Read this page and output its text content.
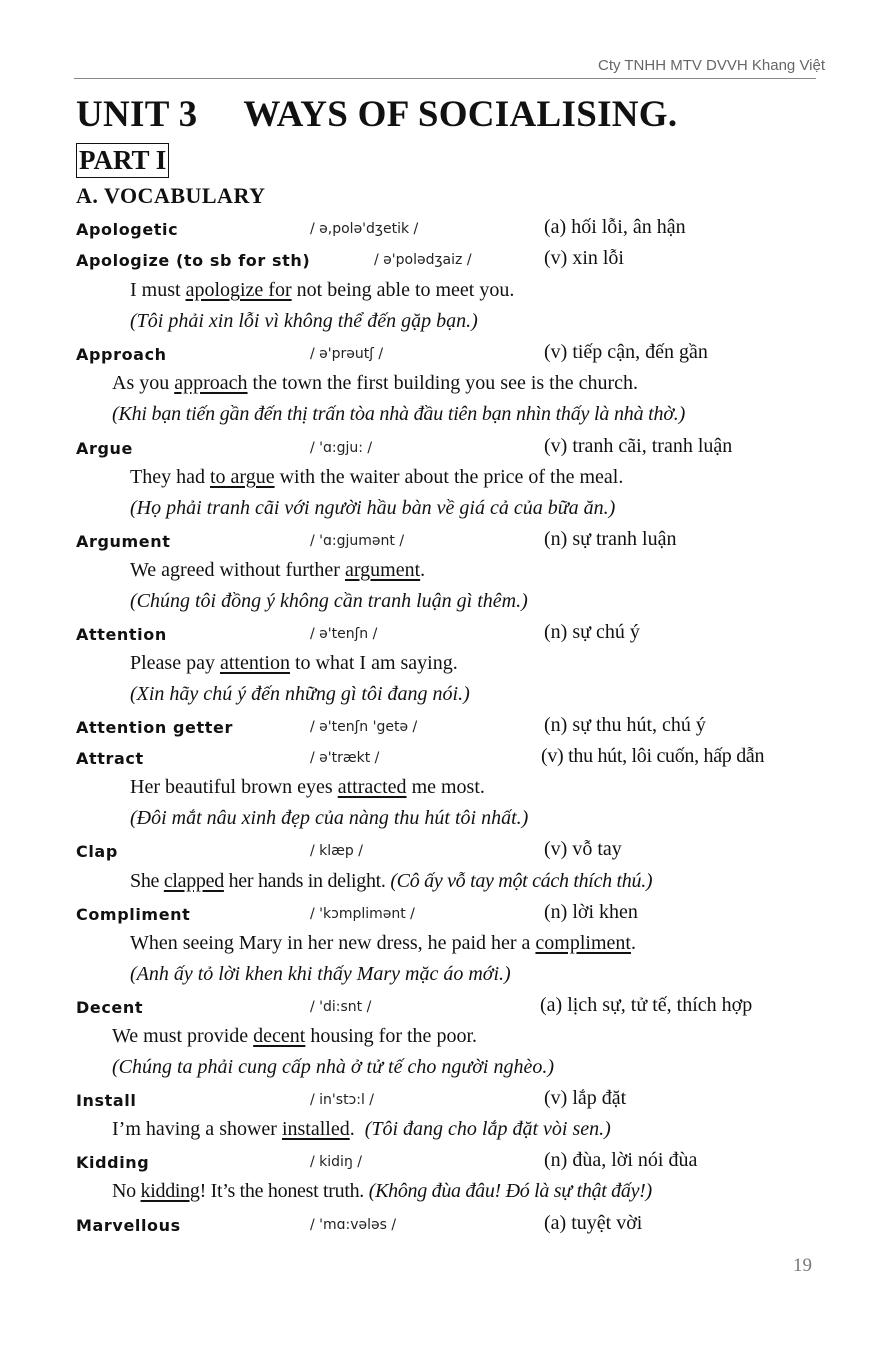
Cty TNHH MTV DVVH Khang Việt
UNIT 3 WAYS OF SOCIALISING.
PART I
A. VOCABULARY
Apologetic	/ ə,polə'dʒetik /	(a) hối lỗi, ân hận
Apologize (to sb for sth)	/ ə'polədʒaiz /	(v) xin lỗi
I must apologize for not being able to meet you.
(Tôi phải xin lỗi vì không thể đến gặp bạn.)
Approach	/ ə'prəutʃ /	(v) tiếp cận, đến gần
As you approach the town the first building you see is the church.
(Khi bạn tiến gần đến thị trấn tòa nhà đầu tiên bạn nhìn thấy là nhà thờ.)
Argue	/ 'ɑ:gju: /	(v) tranh cãi, tranh luận
They had to argue with the waiter about the price of the meal.
(Họ phải tranh cãi với người hầu bàn về giá cả của bữa ăn.)
Argument	/ 'ɑ:gjumənt /	(n) sự tranh luận
We agreed without further argument.
(Chúng tôi đồng ý không cần tranh luận gì thêm.)
Attention	/ ə'tenʃn /	(n) sự chú ý
Please pay attention to what I am saying.
(Xin hãy chú ý đến những gì tôi đang nói.)
Attention getter	/ ə'tenʃn 'getə /	(n) sự thu hút, chú ý
Attract	/ ə'trækt /	(v) thu hút, lôi cuốn, hấp dẫn
Her beautiful brown eyes attracted me most.
(Đôi mắt nâu xinh đẹp của nàng thu hút tôi nhất.)
Clap	/ klæp /	(v) vỗ tay
She clapped her hands in delight. (Cô ấy vỗ tay một cách thích thú.)
Compliment	/ 'kɔmplimənt /	(n) lời khen
When seeing Mary in her new dress, he paid her a compliment.
(Anh ấy tỏ lời khen khi thấy Mary mặc áo mới.)
Decent	/ 'di:snt /	(a) lịch sự, tử tế, thích hợp
We must provide decent housing for the poor.
(Chúng ta phải cung cấp nhà ở tử tế cho người nghèo.)
Install	/ in'stɔ:l /	(v) lắp đặt
I’m having a shower installed.  (Tôi đang cho lắp đặt vòi sen.)
Kidding	/ kidiŋ /	(n) đùa, lời nói đùa
No kidding! It’s the honest truth. (Không đùa đâu! Đó là sự thật đấy!)
Marvellous	/ 'mɑ:vələs /	(a) tuyệt vời
19
